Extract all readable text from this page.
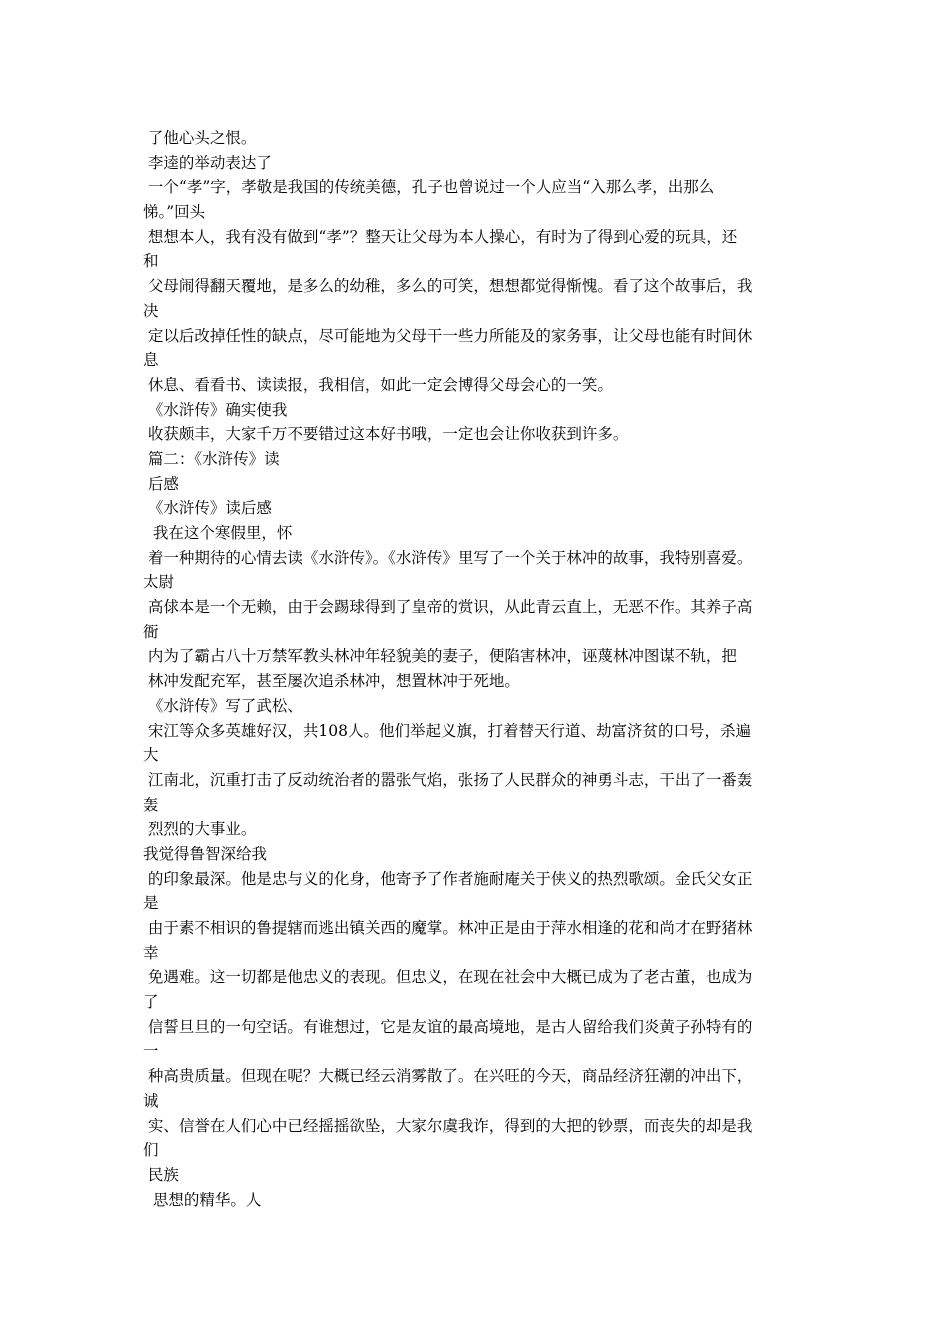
了他心头之恨。
李逵的举动表达了
一个“孝”字，孝敬是我国的传统美德，孔子也曾说过一个人应当“入那么孝，出那么
悌。”回头
想想本人，我有没有做到“孝”？整天让父母为本人操心，有时为了得到心爱的玩具，还
和
父母闹得翻天覆地，是多么的幼稚，多么的可笑，想想都觉得惭愧。看了这个故事后，我
决
定以后改掉任性的缺点，尽可能地为父母干一些力所能及的家务事，让父母也能有时间休
息
休息、看看书、读读报，我相信，如此一定会博得父母会心的一笑。
《水浒传》确实使我
收获颇丰，大家千万不要错过这本好书哦，一定也会让你收获到许多。
篇二：《水浒传》读
后感
《水浒传》读后感
我在这个寒假里，怀
着一种期待的心情去读《水浒传》。《水浒传》里写了一个关于林冲的故事，我特别喜爱。
太尉
高俅本是一个无赖，由于会踢球得到了皇帝的赏识，从此青云直上，无恶不作。其养子高
衙
内为了霸占八十万禁军教头林冲年轻貌美的妻子，便陷害林冲，诬蔑林冲图谋不轨，把
林冲发配充军，甚至屡次追杀林冲，想置林冲于死地。
《水浒传》写了武松、
宋江等众多英雄好汉，共108人。他们举起义旗，打着替天行道、劫富济贫的口号，杀遍
大
江南北，沉重打击了反动统治者的嚣张气焰，张扬了人民群众的神勇斗志，干出了一番轰
轰
烈烈的大事业。
我觉得鲁智深给我
的印象最深。他是忠与义的化身，他寄予了作者施耐庵关于侠义的热烈歌颂。金氏父女正
是
由于素不相识的鲁提辖而逃出镇关西的魔掌。林冲正是由于萍水相逢的花和尚才在野猪林
幸
免遇难。这一切都是他忠义的表现。但忠义，在现在社会中大概已成为了老古董，也成为
了
信誓旦旦的一句空话。有谁想过，它是友谊的最高境地，是古人留给我们炎黄子孙特有的
一
种高贵质量。但现在呢？大概已经云消雾散了。在兴旺的今天，商品经济狂潮的冲出下，
诚
实、信誉在人们心中已经摇摇欲坠，大家尔虞我诈，得到的大把的钞票，而丧失的却是我
们
民族
思想的精华。人
